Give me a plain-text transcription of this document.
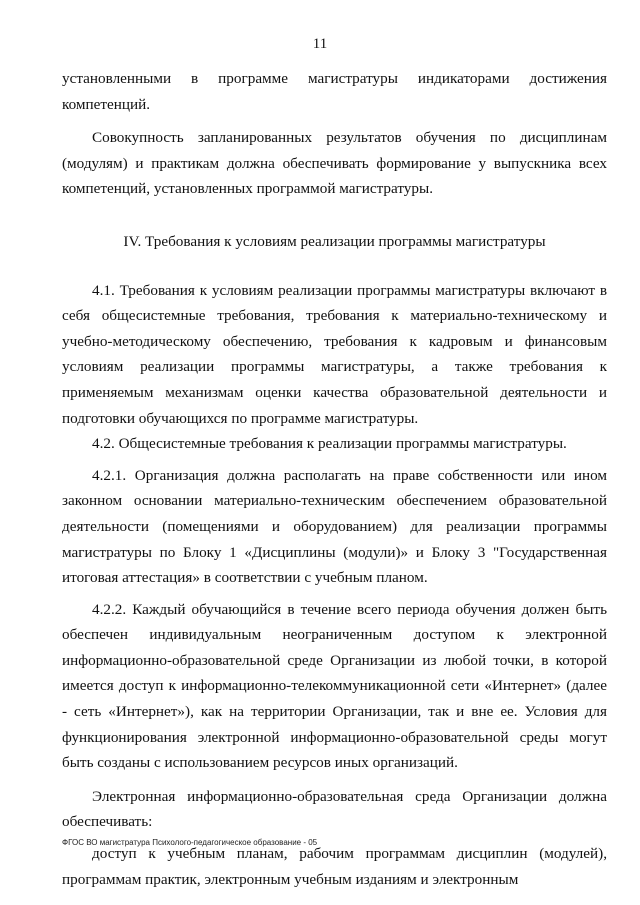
11

установленными в программе магистратуры индикаторами достижения компетенций.

Совокупность запланированных результатов обучения по дисциплинам (модулям) и практикам должна обеспечивать формирование у выпускника всех компетенций, установленных программой магистратуры.

IV. Требования к условиям реализации программы магистратуры

4.1. Требования к условиям реализации программы магистратуры включают в себя общесистемные требования, требования к материально-техническому и учебно-методическому обеспечению, требования к кадровым и финансовым условиям реализации программы магистратуры, а также требования к применяемым механизмам оценки качества образовательной деятельности и подготовки обучающихся по программе магистратуры.

4.2. Общесистемные требования к реализации программы магистратуры.

4.2.1. Организация должна располагать на праве собственности или ином законном основании материально-техническим обеспечением образовательной деятельности (помещениями и оборудованием) для реализации программы магистратуры по Блоку 1 «Дисциплины (модули)» и Блоку 3 "Государственная итоговая аттестация» в соответствии с учебным планом.

4.2.2. Каждый обучающийся в течение всего периода обучения должен быть обеспечен индивидуальным неограниченным доступом к электронной информационно-образовательной среде Организации из любой точки, в которой имеется доступ к информационно-телекоммуникационной сети «Интернет» (далее - сеть «Интернет»), как на территории Организации, так и вне ее. Условия для функционирования электронной информационно-образовательной среды могут быть созданы с использованием ресурсов иных организаций.

Электронная информационно-образовательная среда Организации должна обеспечивать:

доступ к учебным планам, рабочим программам дисциплин (модулей), программам практик, электронным учебным изданиям и электронным

ФГОС ВО магистратура Психолого-педагогическое образование - 05
